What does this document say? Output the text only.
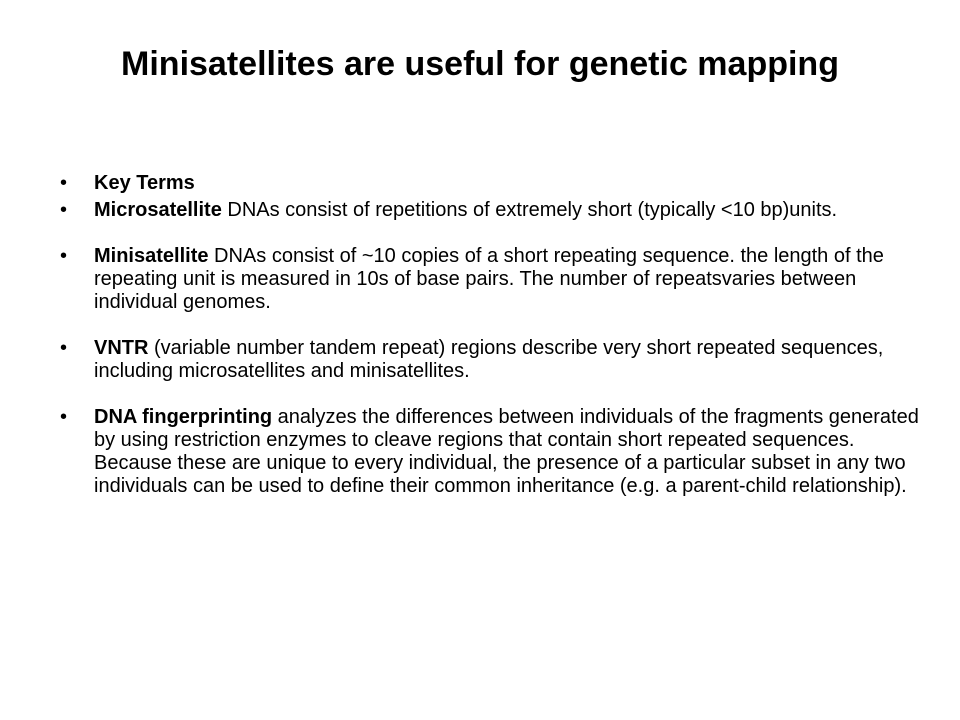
Minisatellites are useful for genetic mapping
•	Key Terms
•	Microsatellite DNAs consist of repetitions of extremely short (typically <10 bp)units.
•	Minisatellite DNAs consist of ~10 copies of a short repeating sequence. the length of the repeating unit is measured in 10s of base pairs. The number of repeatsvaries between individual genomes.
•	VNTR (variable number tandem repeat) regions describe very short repeated sequences, including microsatellites and minisatellites.
•	DNA fingerprinting analyzes the differences between individuals of the fragments generated by using restriction enzymes to cleave regions that contain short repeated sequences. Because these are unique to every individual, the presence of a particular subset in any two individuals can be used to define their common inheritance (e.g. a parent-child relationship).
